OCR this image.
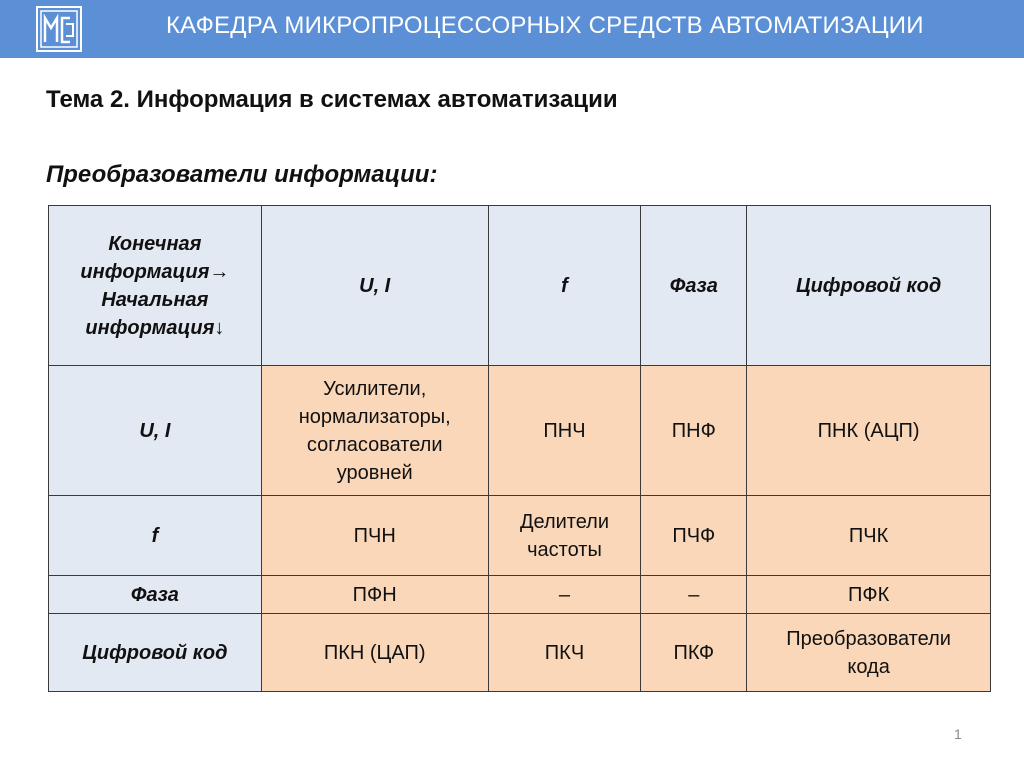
КАФЕДРА МИКРОПРОЦЕССОРНЫХ СРЕДСТВ АВТОМАТИЗАЦИИ
Тема 2. Информация в системах автоматизации
Преобразователи информации:
Конечная
информация→
Начальная
информация↓	U, I	f	Фаза	Цифровой код
U, I	Усилители,
нормализаторы,
согласователи
уровней	ПНЧ	ПНФ	ПНК (АЦП)
f	ПЧН	Делители
частоты	ПЧФ	ПЧК
Фаза	ПФН	–	–	ПФК
Цифровой код	ПКН (ЦАП)	ПКЧ	ПКФ	Преобразователи
кода
1
